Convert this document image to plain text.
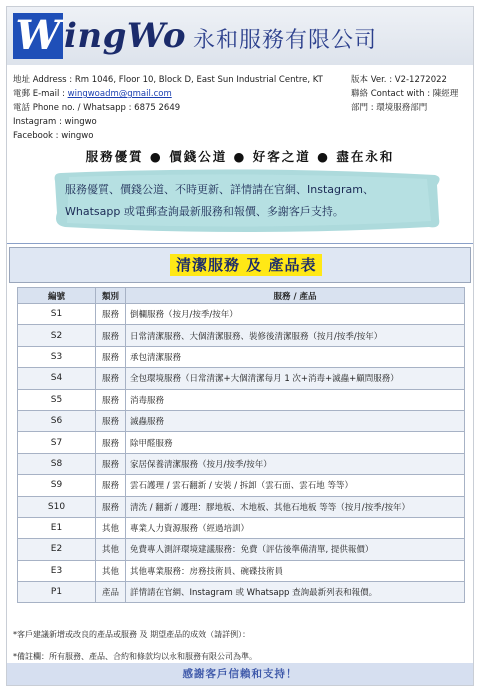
W ingWo 永和服務有限公司
地址 Address : Rm 1046, Floor 10, Block D, East Sun Industrial Centre, KT
電郵 E-mail : wingwoadm@gmail.com
電話 Phone no. / Whatsapp : 6875 2649
Instagram : wingwo
Facebook : wingwo
版本 Ver. : V2-1272022
聯絡 Contact with : 陳經理
部門 : 環境服務部門
服務優質 ● 價錢公道 ● 好客之道 ● 盡在永和
服務優質、價錢公道、不時更新、詳情請在官網、Instagram、
Whatsapp 或電郵查詢最新服務和報價、多謝客戶支持。
清潔服務 及 產品表
編號	類別	服務 / 產品
S1	服務	倒欄服務（按月/按季/按年）
S2	服務	日常清潔服務、大個清潔服務、裝修後清潔服務（按月/按季/按年）
S3	服務	承包清潔服務
S4	服務	全包環境服務（日常清潔+大個清潔每月 1 次+消毒+滅蟲+顧問服務）
S5	服務	消毒服務
S6	服務	滅蟲服務
S7	服務	除甲醛服務
S8	服務	家居保養清潔服務（按月/按季/按年）
S9	服務	雲石護理 / 雲石翻新 / 安裝 / 拆卸（雲石面、雲石地 等等）
S10	服務	清洗 / 翻新 / 護理：膠地板、木地板、其他石地板 等等（按月/按季/按年）
E1	其他	專業人力資源服務（經過培訓）
E2	其他	免費專人測評環境建議服務：免費（評估後準備清單, 提供報價）
E3	其他	其他專業服務：房務技術員、碗碟技術員
P1	產品	詳情請在官網、Instagram 或 Whatsapp 查詢最新列表和報價。
*客戶建議新增或改良的產品或服務 及 期望產品的成效（請詳例）：
*備註欄：所有服務、產品、合約和條款均以永和服務有限公司為準。
感謝客戶信賴和支持！
